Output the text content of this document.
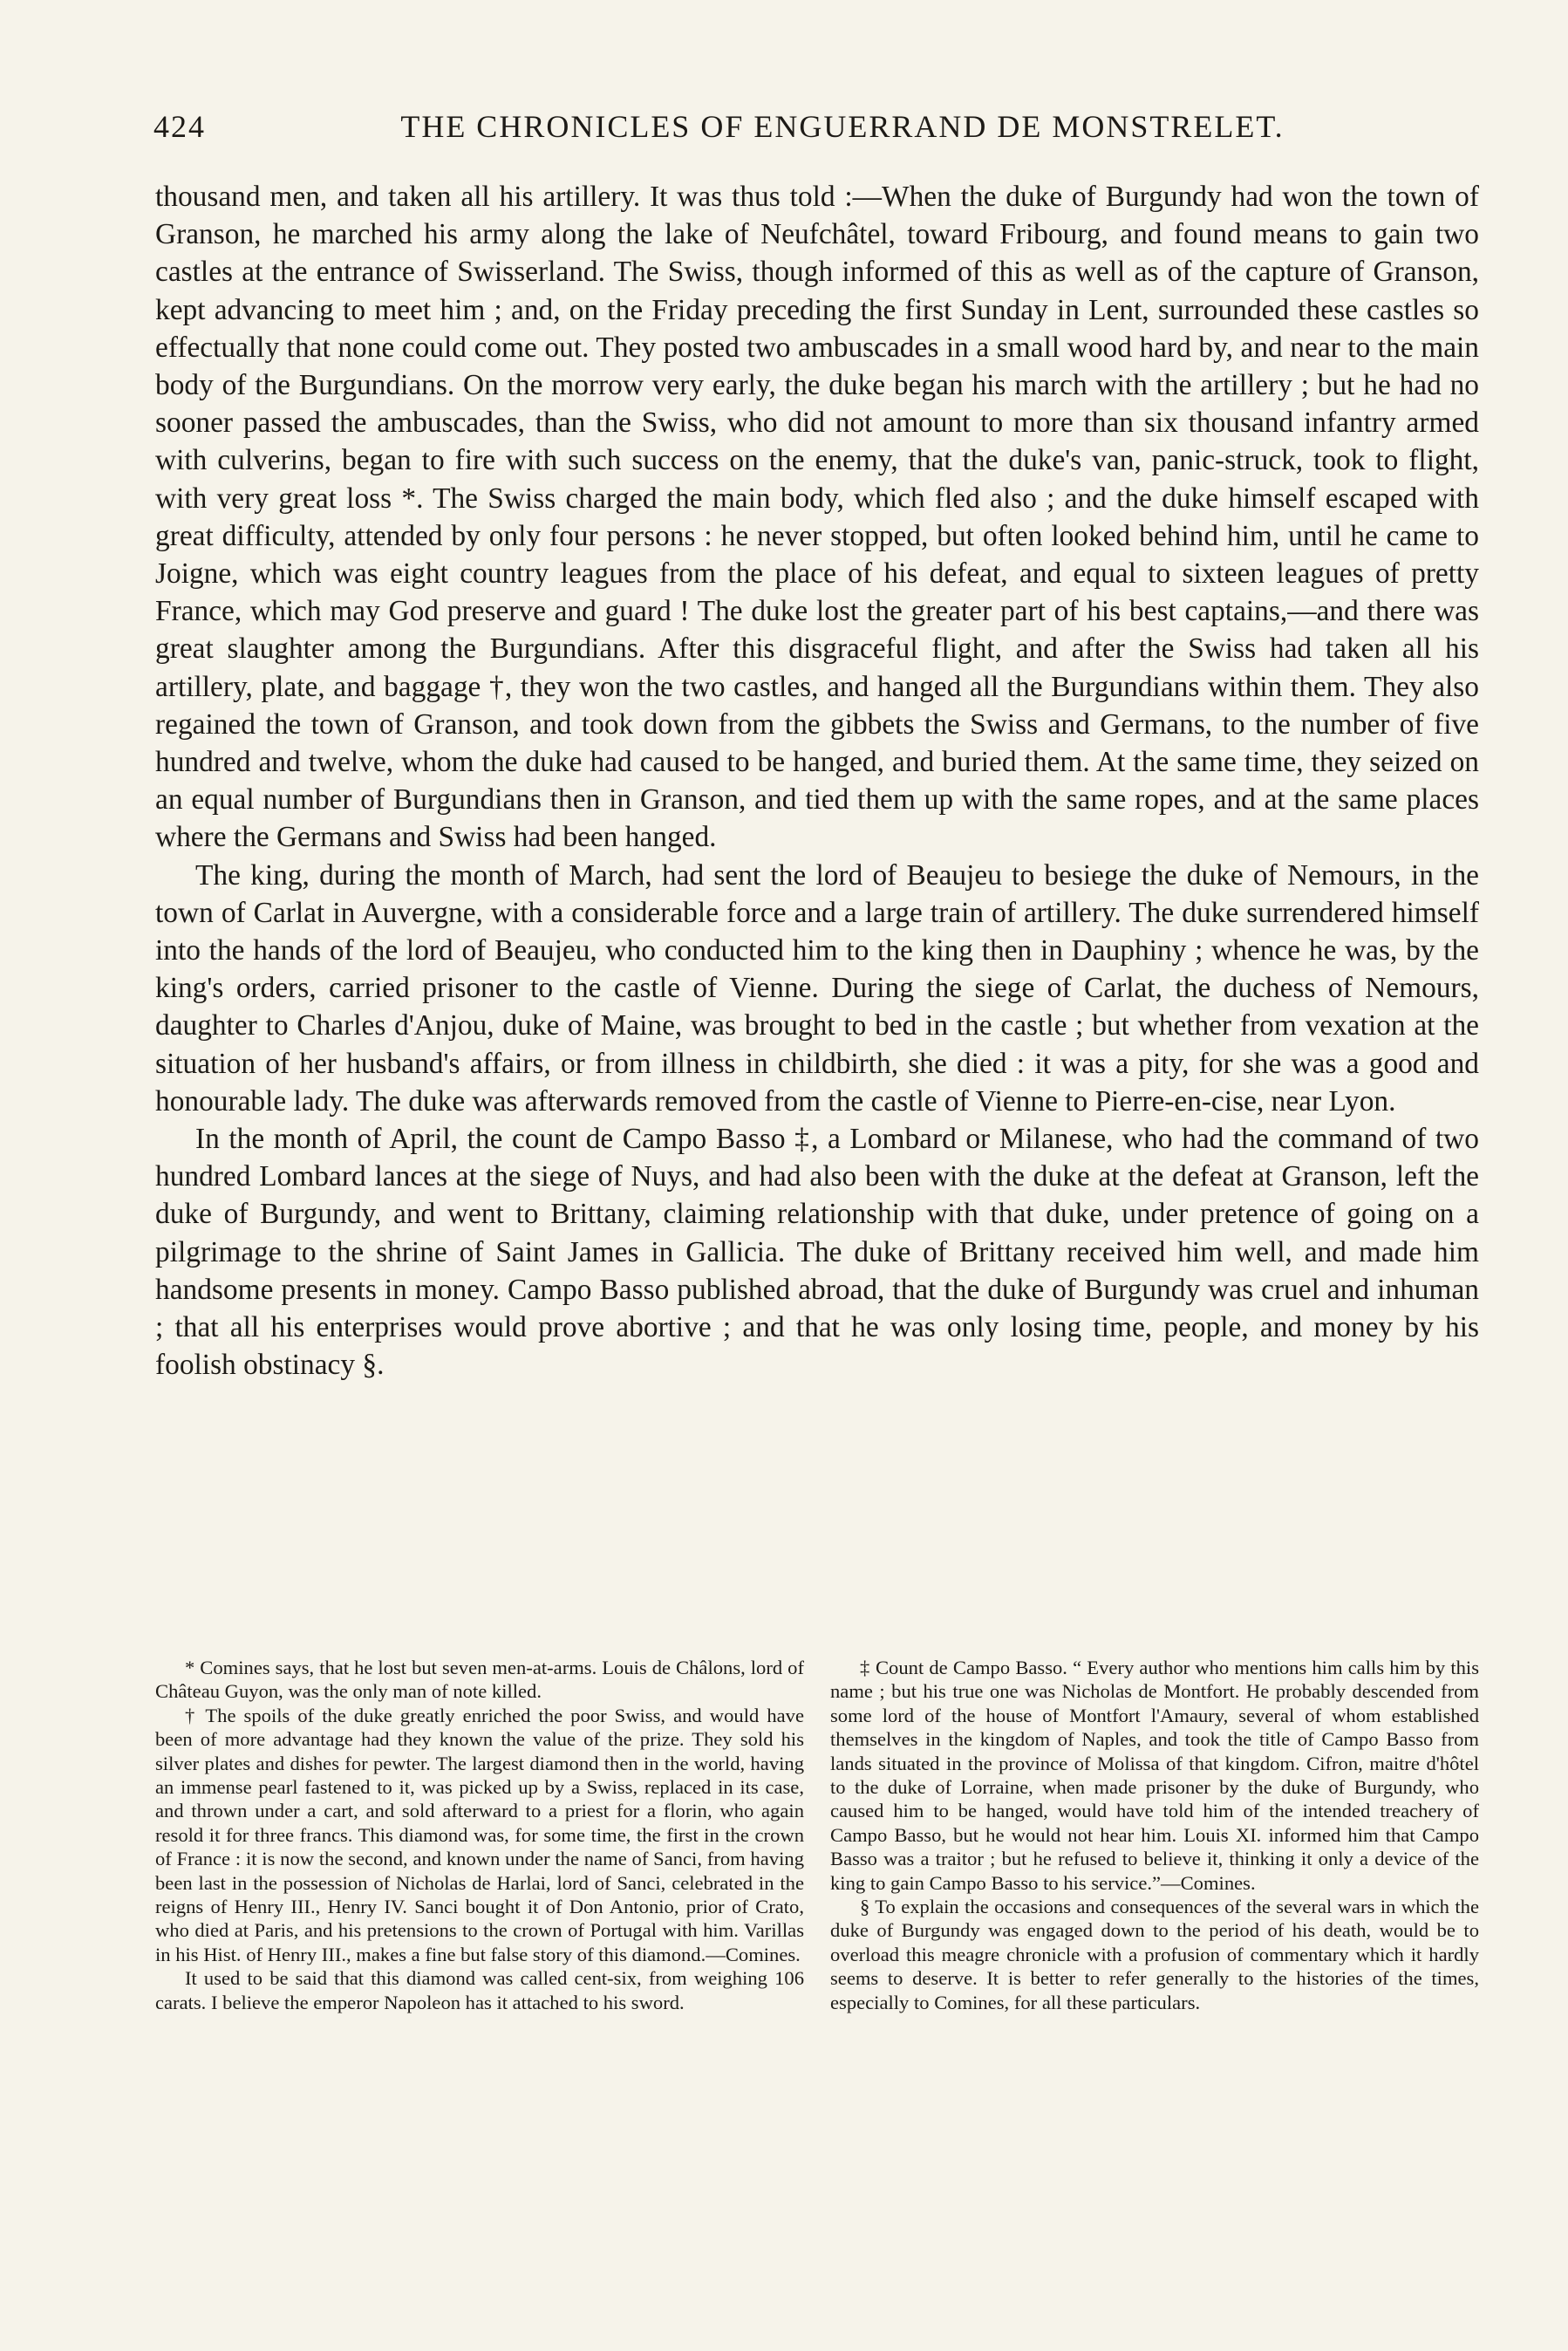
424	THE CHRONICLES OF ENGUERRAND DE MONSTRELET.

thousand men, and taken all his artillery. It was thus told :—When the duke of Burgundy had won the town of Granson, he marched his army along the lake of Neufchâtel, toward Fribourg, and found means to gain two castles at the entrance of Swisserland. The Swiss, though informed of this as well as of the capture of Granson, kept advancing to meet him ; and, on the Friday preceding the first Sunday in Lent, surrounded these castles so effectually that none could come out. They posted two ambuscades in a small wood hard by, and near to the main body of the Burgundians. On the morrow very early, the duke began his march with the artillery ; but he had no sooner passed the ambuscades, than the Swiss, who did not amount to more than six thousand infantry armed with culverins, began to fire with such success on the enemy, that the duke's van, panic-struck, took to flight, with very great loss *. The Swiss charged the main body, which fled also ; and the duke himself escaped with great difficulty, attended by only four persons : he never stopped, but often looked behind him, until he came to Joigne, which was eight country leagues from the place of his defeat, and equal to sixteen leagues of pretty France, which may God preserve and guard ! The duke lost the greater part of his best captains,—and there was great slaughter among the Burgundians. After this disgraceful flight, and after the Swiss had taken all his artillery, plate, and baggage †, they won the two castles, and hanged all the Burgundians within them. They also regained the town of Granson, and took down from the gibbets the Swiss and Germans, to the number of five hundred and twelve, whom the duke had caused to be hanged, and buried them. At the same time, they seized on an equal number of Burgundians then in Granson, and tied them up with the same ropes, and at the same places where the Germans and Swiss had been hanged.

The king, during the month of March, had sent the lord of Beaujeu to besiege the duke of Nemours, in the town of Carlat in Auvergne, with a considerable force and a large train of artillery. The duke surrendered himself into the hands of the lord of Beaujeu, who conducted him to the king then in Dauphiny ; whence he was, by the king's orders, carried prisoner to the castle of Vienne. During the siege of Carlat, the duchess of Nemours, daughter to Charles d'Anjou, duke of Maine, was brought to bed in the castle ; but whether from vexation at the situation of her husband's affairs, or from illness in childbirth, she died : it was a pity, for she was a good and honourable lady. The duke was afterwards removed from the castle of Vienne to Pierre-en-cise, near Lyon.

In the month of April, the count de Campo Basso ‡, a Lombard or Milanese, who had the command of two hundred Lombard lances at the siege of Nuys, and had also been with the duke at the defeat at Granson, left the duke of Burgundy, and went to Brittany, claiming relationship with that duke, under pretence of going on a pilgrimage to the shrine of Saint James in Gallicia. The duke of Brittany received him well, and made him handsome presents in money. Campo Basso published abroad, that the duke of Burgundy was cruel and inhuman ; that all his enterprises would prove abortive ; and that he was only losing time, people, and money by his foolish obstinacy §.

* Comines says, that he lost but seven men-at-arms. Louis de Châlons, lord of Château Guyon, was the only man of note killed.

† The spoils of the duke greatly enriched the poor Swiss, and would have been of more advantage had they known the value of the prize. They sold his silver plates and dishes for pewter. The largest diamond then in the world, having an immense pearl fastened to it, was picked up by a Swiss, replaced in its case, and thrown under a cart, and sold afterward to a priest for a florin, who again resold it for three francs. This diamond was, for some time, the first in the crown of France : it is now the second, and known under the name of Sanci, from having been last in the possession of Nicholas de Harlai, lord of Sanci, celebrated in the reigns of Henry III., Henry IV. Sanci bought it of Don Antonio, prior of Crato, who died at Paris, and his pretensions to the crown of Portugal with him. Varillas in his Hist. of Henry III., makes a fine but false story of this diamond.—Comines.

It used to be said that this diamond was called cent-six, from weighing 106 carats. I believe the emperor Napoleon has it attached to his sword.

‡ Count de Campo Basso. “ Every author who mentions him calls him by this name ; but his true one was Nicholas de Montfort. He probably descended from some lord of the house of Montfort l'Amaury, several of whom established themselves in the kingdom of Naples, and took the title of Campo Basso from lands situated in the province of Molissa of that kingdom. Cifron, maitre d'hôtel to the duke of Lorraine, when made prisoner by the duke of Burgundy, who caused him to be hanged, would have told him of the intended treachery of Campo Basso, but he would not hear him. Louis XI. informed him that Campo Basso was a traitor ; but he refused to believe it, thinking it only a device of the king to gain Campo Basso to his service.”—Comines.

§ To explain the occasions and consequences of the several wars in which the duke of Burgundy was engaged down to the period of his death, would be to overload this meagre chronicle with a profusion of commentary which it hardly seems to deserve. It is better to refer generally to the histories of the times, especially to Comines, for all these particulars.
